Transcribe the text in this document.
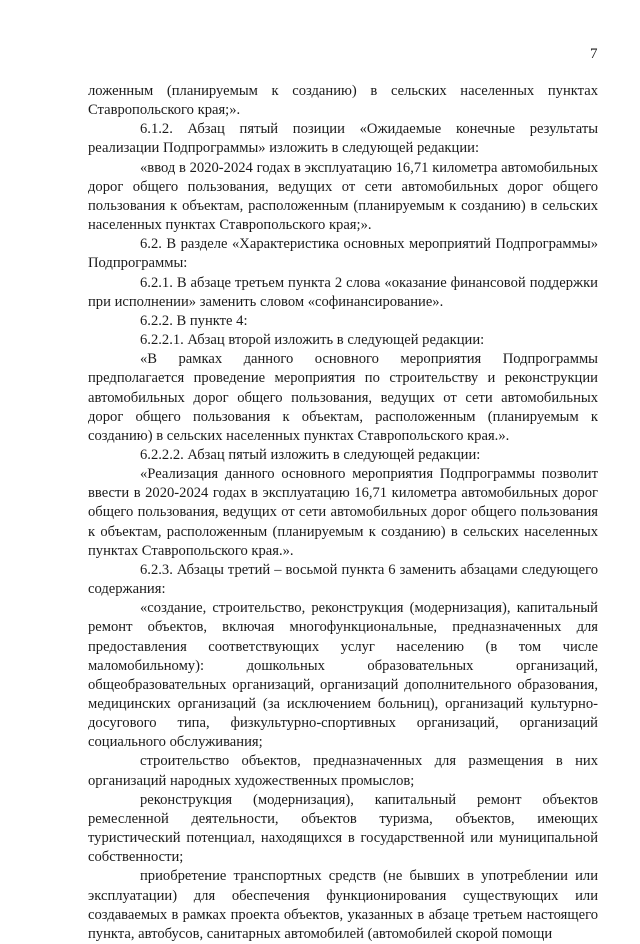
7

ложенным (планируемым к созданию) в сельских населенных пунктах Ставропольского края;».

6.1.2. Абзац пятый позиции «Ожидаемые конечные результаты реализации Подпрограммы» изложить в следующей редакции:

«ввод в 2020-2024 годах в эксплуатацию 16,71 километра автомобильных дорог общего пользования, ведущих от сети автомобильных дорог общего пользования к объектам, расположенным (планируемым к созданию) в сельских населенных пунктах Ставропольского края;».

6.2. В разделе «Характеристика основных мероприятий Подпрограммы» Подпрограммы:

6.2.1. В абзаце третьем пункта 2 слова «оказание финансовой поддержки при исполнении» заменить словом «софинансирование».

6.2.2. В пункте 4:

6.2.2.1. Абзац второй изложить в следующей редакции:

«В рамках данного основного мероприятия Подпрограммы предполагается проведение мероприятия по строительству и реконструкции автомобильных дорог общего пользования, ведущих от сети автомобильных дорог общего пользования к объектам, расположенным (планируемым к созданию) в сельских населенных пунктах Ставропольского края.».

6.2.2.2. Абзац пятый изложить в следующей редакции:

«Реализация данного основного мероприятия Подпрограммы позволит ввести в 2020-2024 годах в эксплуатацию 16,71 километра автомобильных дорог общего пользования, ведущих от сети автомобильных дорог общего пользования к объектам, расположенным (планируемым к созданию) в сельских населенных пунктах Ставропольского края.».

6.2.3. Абзацы третий – восьмой пункта 6 заменить абзацами следующего содержания:

«создание, строительство, реконструкция (модернизация), капитальный ремонт объектов, включая многофункциональные, предназначенных для предоставления соответствующих услуг населению (в том числе маломобильному): дошкольных образовательных организаций, общеобразовательных организаций, организаций дополнительного образования, медицинских организаций (за исключением больниц), организаций культурно-досугового типа, физкультурно-спортивных организаций, организаций социального обслуживания;

строительство объектов, предназначенных для размещения в них организаций народных художественных промыслов;

реконструкция (модернизация), капитальный ремонт объектов ремесленной деятельности, объектов туризма, объектов, имеющих туристический потенциал, находящихся в государственной или муниципальной собственности;

приобретение транспортных средств (не бывших в употреблении или эксплуатации) для обеспечения функционирования существующих или создаваемых в рамках проекта объектов, указанных в абзаце третьем настоящего пункта, автобусов, санитарных автомобилей (автомобилей скорой помощи
